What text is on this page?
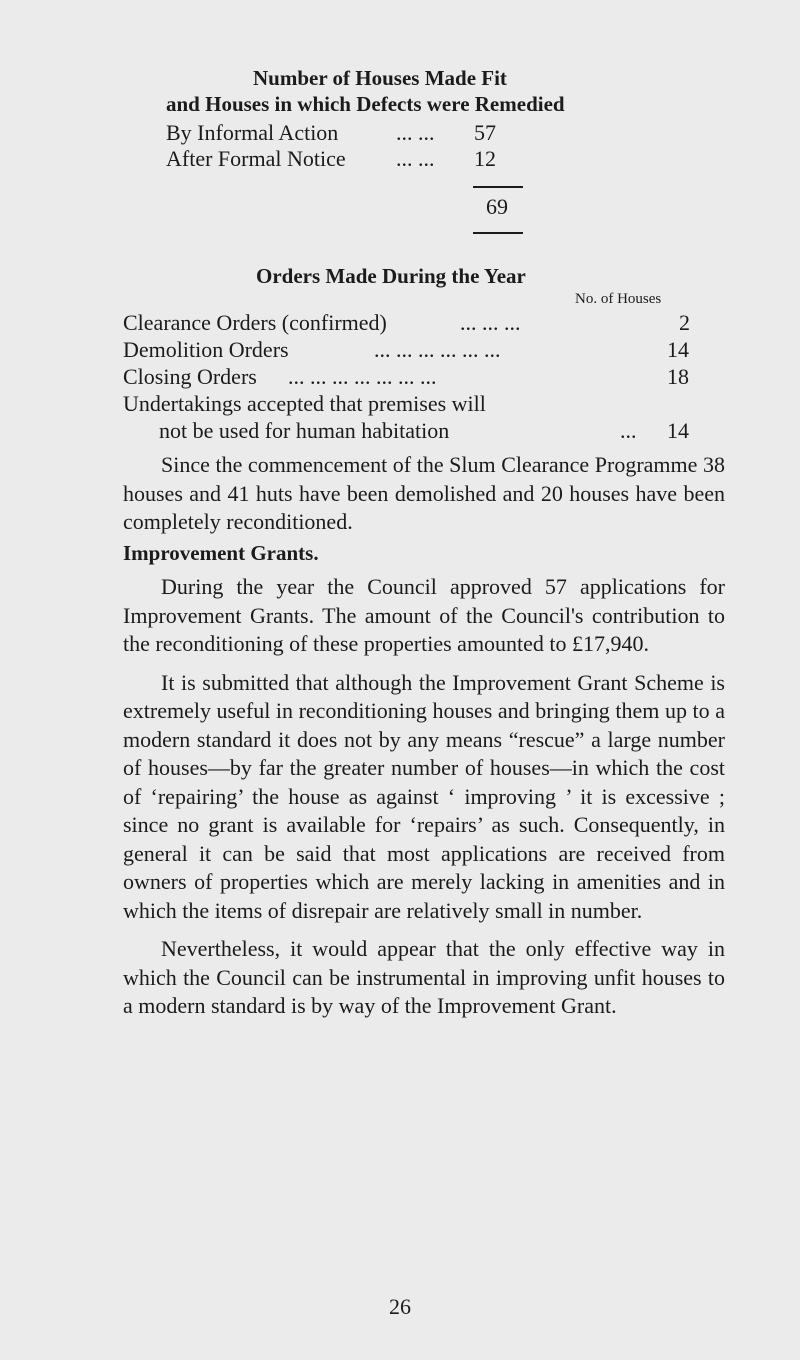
Number of Houses Made Fit
and Houses in which Defects were Remedied
By Informal Action	... ... 57
After Formal Notice ... ... 12
69
Orders Made During the Year
No. of Houses
Clearance Orders (confirmed)	... ... ...	2
Demolition Orders	... ... ... ... ... ...	14
Closing Orders ... ... ... ... ... ... ...	18
Undertakings accepted that premises will
not be used for human habitation	... 14

Since the commencement of the Slum Clearance Programme 38 houses and 41 huts have been demolished and 20 houses have been completely reconditioned.

Improvement Grants.

During the year the Council approved 57 applications for Improvement Grants. The amount of the Council's contribution to the reconditioning of these properties amounted to £17,940.

It is submitted that although the Improvement Grant Scheme is extremely useful in reconditioning houses and bringing them up to a modern standard it does not by any means “rescue” a large number of houses—by far the greater number of houses—in which the cost of ‘repairing’ the house as against ‘ improving ’ it is excessive ; since no grant is available for ‘repairs’ as such. Consequently, in general it can be said that most applications are received from owners of properties which are merely lacking in amenities and in which the items of disrepair are relatively small in number.

Nevertheless, it would appear that the only effective way in which the Council can be instrumental in improving unfit houses to a modern standard is by way of the Improvement Grant.

26
